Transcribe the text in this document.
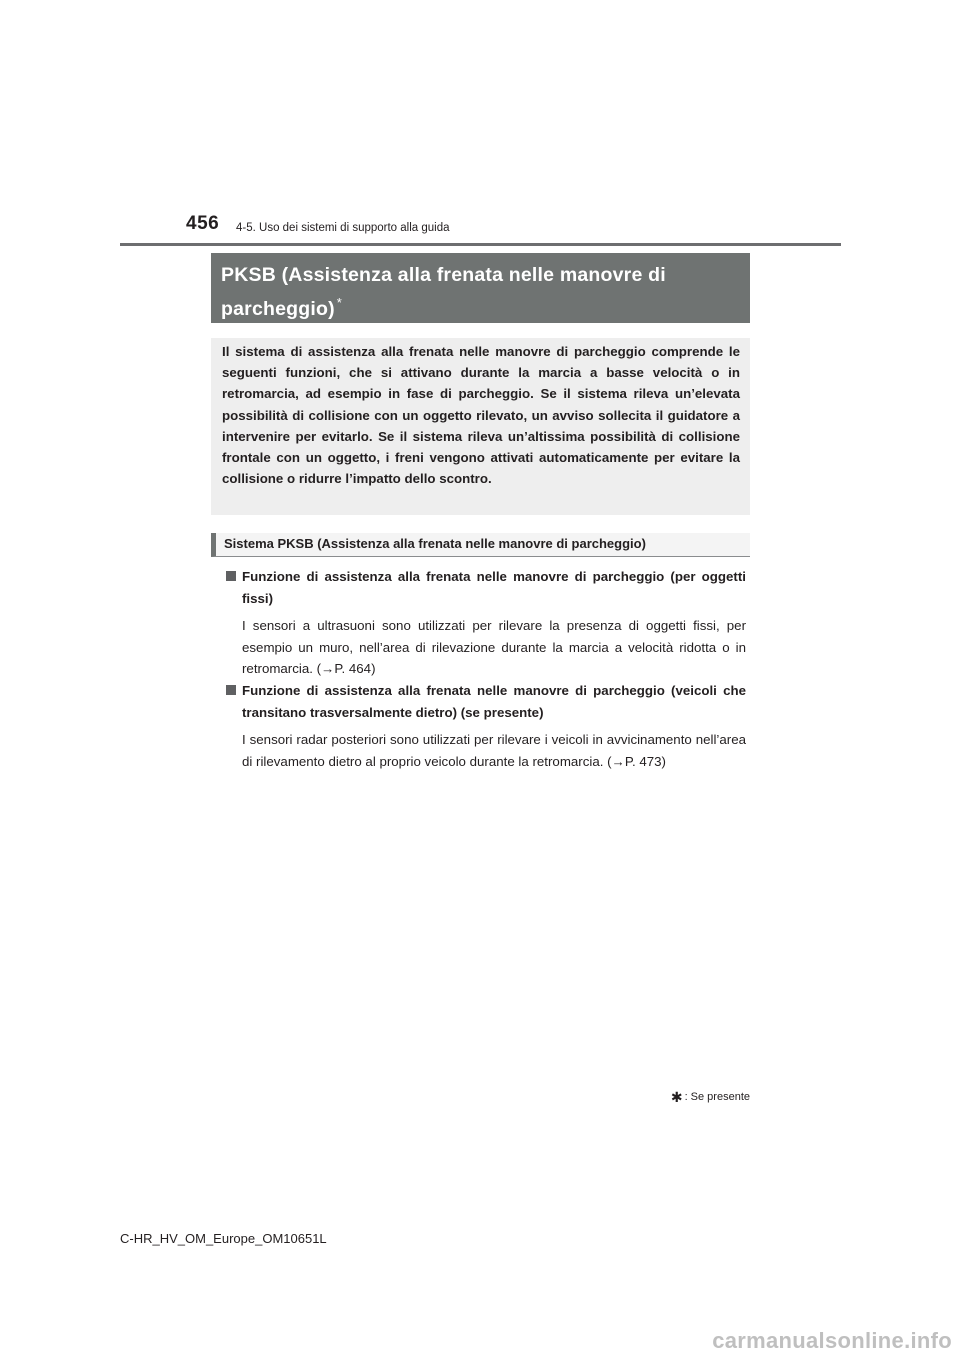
456 4-5. Uso dei sistemi di supporto alla guida
PKSB (Assistenza alla frenata nelle manovre di
parcheggio) *

Il sistema di assistenza alla frenata nelle manovre di parcheggio comprende le seguenti funzioni, che si attivano durante la marcia a basse velocità o in retromarcia, ad esempio in fase di parcheggio. Se il sistema rileva un’elevata possibilità di collisione con un oggetto rilevato, un avviso sollecita il guidatore a intervenire per evitarlo. Se il sistema rileva un’altissima possibilità di collisione frontale con un oggetto, i freni vengono attivati automaticamente per evitare la collisione o ridurre l’impatto dello scontro.

Sistema PKSB (Assistenza alla frenata nelle manovre di parcheggio)

Funzione di assistenza alla frenata nelle manovre di parcheggio (per oggetti fissi)

I sensori a ultrasuoni sono utilizzati per rilevare la presenza di oggetti fissi, per esempio un muro, nell’area di rilevazione durante la marcia a velocità ridotta o in retromarcia. (→P. 464)

Funzione di assistenza alla frenata nelle manovre di parcheggio (veicoli che transitano trasversalmente dietro) (se presente)

I sensori radar posteriori sono utilizzati per rilevare i veicoli in avvicinamento nell’area di rilevamento dietro al proprio veicolo durante la retromarcia. (→P. 473)

✱ : Se presente
C-HR_HV_OM_Europe_OM10651L
carmanualsonline.info
